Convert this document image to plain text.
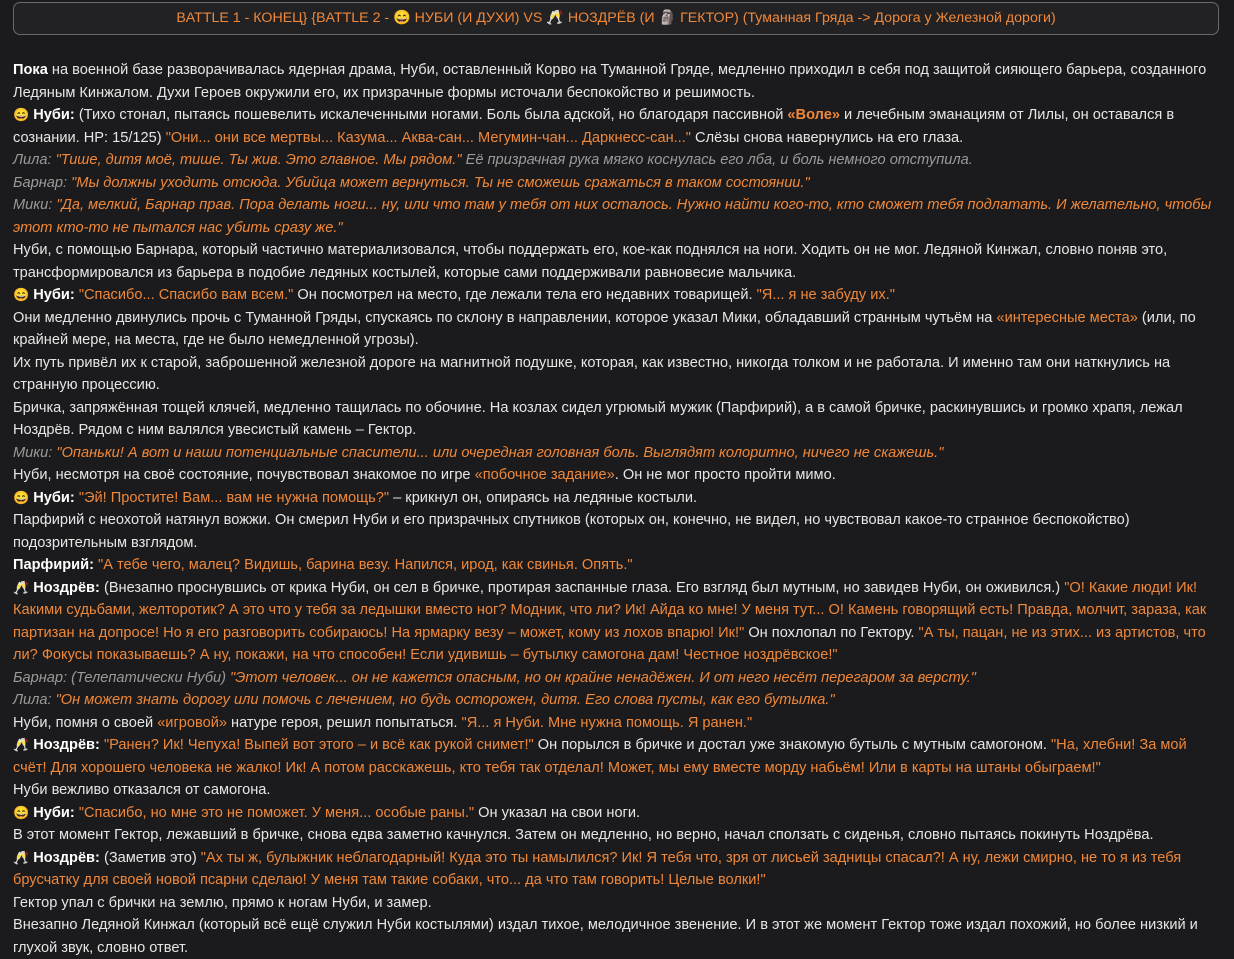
BATTLE 1 - КОНЕЦ} {BATTLE 2 - 😄 НУБИ (И ДУХИ) VS 🥂 НОЗДРЁВ (И 🗿 ГЕКТОР) (Туманная Гряда -> Дорога у Железной дороги)

Пока на военной базе разворачивалась ядерная драма, Нуби, оставленный Корво на Туманной Гряде, медленно приходил в себя под защитой сияющего барьера, созданного Ледяным Кинжалом. Духи Героев окружили его, их призрачные формы источали беспокойство и решимость.

😄 Нуби: (Тихо стонал, пытаясь пошевелить искалеченными ногами. Боль была адской, но благодаря пассивной «Воле» и лечебным эманациям от Лилы, он оставался в сознании. HP: 15/125) "Они... они все мертвы... Казума... Аква-сан... Мегумин-чан... Даркнесс-сан..." Слёзы снова навернулись на его глаза.

Лила: "Тише, дитя моё, тише. Ты жив. Это главное. Мы рядом." Её призрачная рука мягко коснулась его лба, и боль немного отступила.

Барнар: "Мы должны уходить отсюда. Убийца может вернуться. Ты не сможешь сражаться в таком состоянии."

Мики: "Да, мелкий, Барнар прав. Пора делать ноги... ну, или что там у тебя от них осталось. Нужно найти кого-то, кто сможет тебя подлатать. И желательно, чтобы этот кто-то не пытался нас убить сразу же."

Нуби, с помощью Барнара, который частично материализовался, чтобы поддержать его, кое-как поднялся на ноги. Ходить он не мог. Ледяной Кинжал, словно поняв это, трансформировался из барьера в подобие ледяных костылей, которые сами поддерживали равновесие мальчика.

😄 Нуби: "Спасибо... Спасибо вам всем." Он посмотрел на место, где лежали тела его недавних товарищей. "Я... я не забуду их."

Они медленно двинулись прочь с Туманной Гряды, спускаясь по склону в направлении, которое указал Мики, обладавший странным чутьём на «интересные места» (или, по крайней мере, на места, где не было немедленной угрозы).

Их путь привёл их к старой, заброшенной железной дороге на магнитной подушке, которая, как известно, никогда толком и не работала. И именно там они наткнулись на странную процессию.

Бричка, запряжённая тощей клячей, медленно тащилась по обочине. На козлах сидел угрюмый мужик (Парфирий), а в самой бричке, раскинувшись и громко храпя, лежал Ноздрёв. Рядом с ним валялся увесистый камень – Гектор.

Мики: "Опаньки! А вот и наши потенциальные спасители... или очередная головная боль. Выглядят колоритно, ничего не скажешь."

Нуби, несмотря на своё состояние, почувствовал знакомое по игре «побочное задание». Он не мог просто пройти мимо.

😄 Нуби: "Эй! Простите! Вам... вам не нужна помощь?" – крикнул он, опираясь на ледяные костыли.

Парфирий с неохотой натянул вожжи. Он смерил Нуби и его призрачных спутников (которых он, конечно, не видел, но чувствовал какое-то странное беспокойство) подозрительным взглядом.

Парфирий: "А тебе чего, малец? Видишь, барина везу. Напился, ирод, как свинья. Опять."

🥂 Ноздрёв: (Внезапно проснувшись от крика Нуби, он сел в бричке, протирая заспанные глаза. Его взгляд был мутным, но завидев Нуби, он оживился.) "О! Какие люди! Ик! Какими судьбами, желторотик? А это что у тебя за ледышки вместо ног? Модник, что ли? Ик! Айда ко мне! У меня тут... О! Камень говорящий есть! Правда, молчит, зараза, как партизан на допросе! Но я его разговорить собираюсь! На ярмарку везу – может, кому из лохов впарю! Ик!" Он похлопал по Гектору. "А ты, пацан, не из этих... из артистов, что ли? Фокусы показываешь? А ну, покажи, на что способен! Если удивишь – бутылку самогона дам! Честное ноздрёвское!"

Барнар: (Телепатически Нуби) "Этот человек... он не кажется опасным, но он крайне ненадёжен. И от него несёт перегаром за версту."

Лила: "Он может знать дорогу или помочь с лечением, но будь осторожен, дитя. Его слова пусты, как его бутылка."

Нуби, помня о своей «игровой» натуре героя, решил попытаться. "Я... я Нуби. Мне нужна помощь. Я ранен."

🥂 Ноздрёв: "Ранен? Ик! Чепуха! Выпей вот этого – и всё как рукой снимет!" Он порылся в бричке и достал уже знакомую бутыль с мутным самогоном. "На, хлебни! За мой счёт! Для хорошего человека не жалко! Ик! А потом расскажешь, кто тебя так отделал! Может, мы ему вместе морду набьём! Или в карты на штаны обыграем!"

Нуби вежливо отказался от самогона.

😄 Нуби: "Спасибо, но мне это не поможет. У меня... особые раны." Он указал на свои ноги.

В этот момент Гектор, лежавший в бричке, снова едва заметно качнулся. Затем он медленно, но верно, начал сползать с сиденья, словно пытаясь покинуть Ноздрёва.

🥂 Ноздрёв: (Заметив это) "Ах ты ж, булыжник неблагодарный! Куда это ты намылился? Ик! Я тебя что, зря от лисьей задницы спасал?! А ну, лежи смирно, не то я из тебя брусчатку для своей новой псарни сделаю! У меня там такие собаки, что... да что там говорить! Целые волки!"

Гектор упал с брички на землю, прямо к ногам Нуби, и замер.

Внезапно Ледяной Кинжал (который всё ещё служил Нуби костылями) издал тихое, мелодичное звенение. И в этот же момент Гектор тоже издал похожий, но более низкий и глухой звук, словно ответ.
